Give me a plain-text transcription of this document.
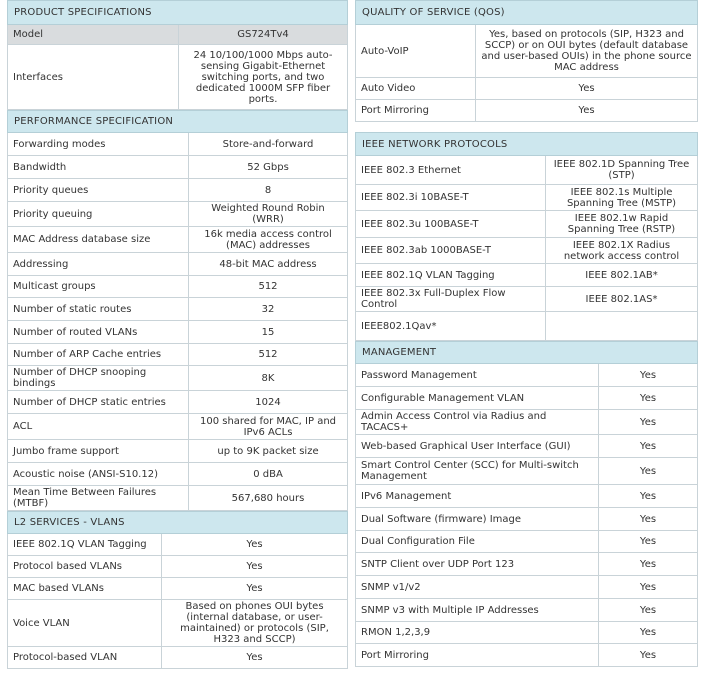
PRODUCT SPECIFICATIONS	
Model	GS724Tv4
Interfaces	24 10/100/1000 Mbps auto-sensing Gigabit-Ethernet switching ports, and two dedicated 1000M SFP fiber ports.
PERFORMANCE SPECIFICATION	
Forwarding modes	Store-and-forward
Bandwidth	52 Gbps
Priority queues	8
Priority queuing	Weighted Round Robin (WRR)
MAC Address database size	16k media access control (MAC) addresses
Addressing	48-bit MAC address
Multicast groups	512
Number of static routes	32
Number of routed VLANs	15
Number of ARP Cache entries	512
Number of DHCP snooping bindings	8K
Number of DHCP static entries	1024
ACL	100 shared for MAC, IP and IPv6 ACLs
Jumbo frame support	up to 9K packet size
Acoustic noise (ANSI-S10.12)	0 dBA
Mean Time Between Failures (MTBF)	567,680 hours
L2 SERVICES - VLANS	
IEEE 802.1Q VLAN Tagging	Yes
Protocol based VLANs	Yes
MAC based VLANs	Yes
Voice VLAN	Based on phones OUI bytes (internal database, or user-maintained) or protocols (SIP, H323 and SCCP)
Protocol-based VLAN	Yes
QUALITY OF SERVICE (QOS)	
Auto-VoIP	Yes, based on protocols (SIP, H323 and SCCP) or on OUI bytes (default database and user-based OUIs) in the phone source MAC address
Auto Video	Yes
Port Mirroring	Yes
IEEE NETWORK PROTOCOLS	
IEEE 802.3 Ethernet	IEEE 802.1D Spanning Tree (STP)
IEEE 802.3i 10BASE-T	IEEE 802.1s Multiple Spanning Tree (MSTP)
IEEE 802.3u 100BASE-T	IEEE 802.1w Rapid Spanning Tree (RSTP)
IEEE 802.3ab 1000BASE-T	IEEE 802.1X Radius network access control
IEEE 802.1Q VLAN Tagging	IEEE 802.1AB*
IEEE 802.3x Full-Duplex Flow Control	IEEE 802.1AS*
IEEE802.1Qav*	
MANAGEMENT	
Password Management	Yes
Configurable Management VLAN	Yes
Admin Access Control via Radius and TACACS+	Yes
Web-based Graphical User Interface (GUI)	Yes
Smart Control Center (SCC) for Multi-switch Management	Yes
IPv6 Management	Yes
Dual Software (firmware) Image	Yes
Dual Configuration File	Yes
SNTP Client over UDP Port 123	Yes
SNMP v1/v2	Yes
SNMP v3 with Multiple IP Addresses	Yes
RMON 1,2,3,9	Yes
Port Mirroring	Yes
